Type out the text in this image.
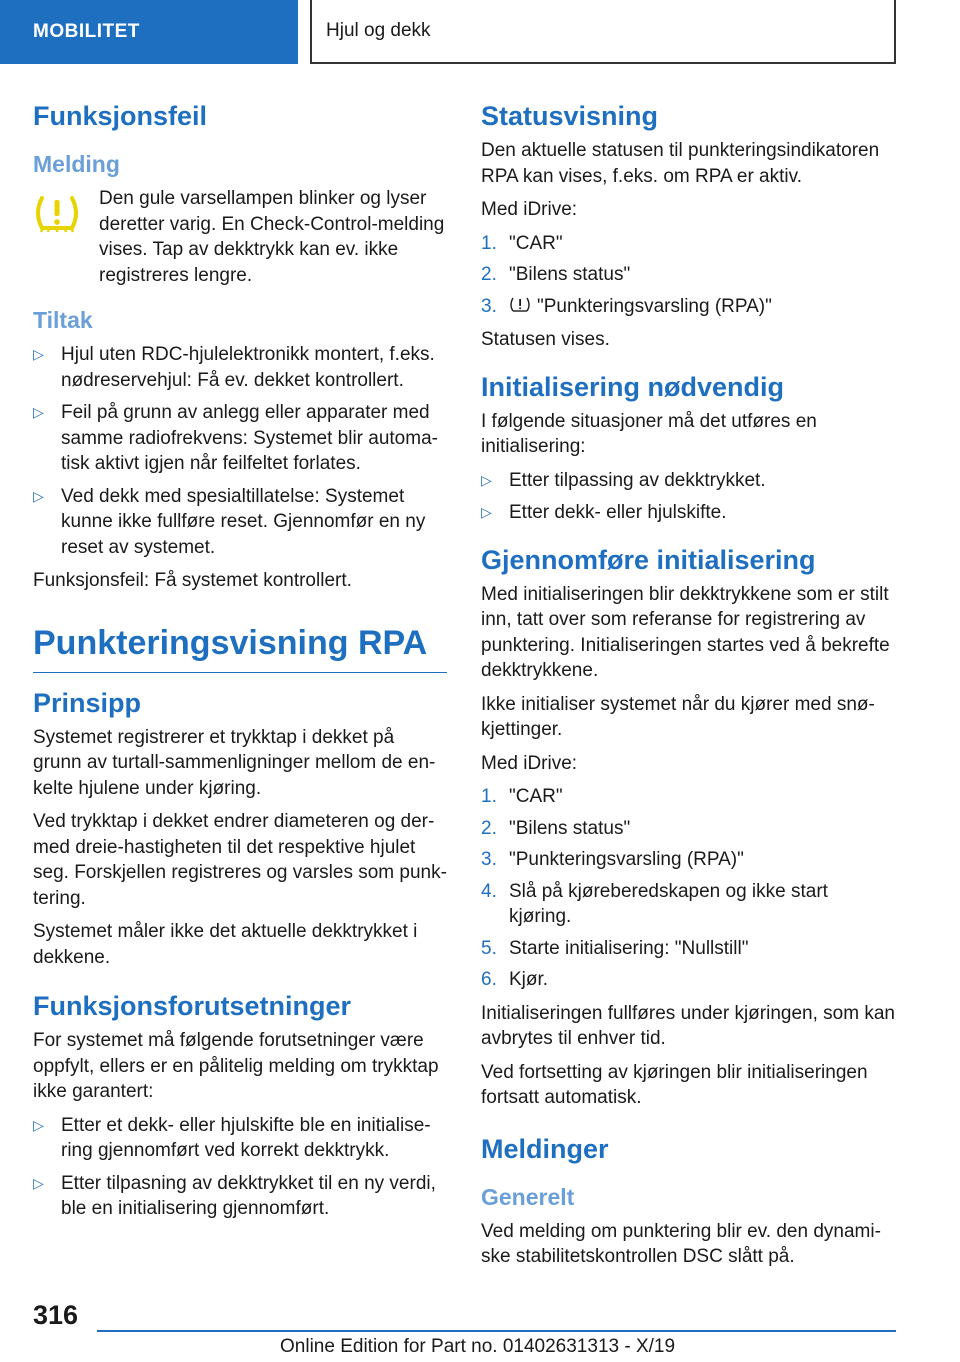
MOBILITET	Hjul og dekk
Funksjonsfeil
Melding

Den gule varsellampen blinker og lyser deretter varig. En Check-Control-melding vises. Tap av dekktrykk kan ev. ikke registreres lengre.

Tiltak
▷ Hjul uten RDC-hjulelektronikk montert, f.eks. nødreservehjul: Få ev. dekket kontrollert.
▷ Feil på grunn av anlegg eller apparater med samme radiofrekvens: Systemet blir automatisk aktivt igjen når feilfeltet forlates.
▷ Ved dekk med spesialtillatelse: Systemet kunne ikke fullføre reset. Gjennomfør en ny reset av systemet.

Funksjonsfeil: Få systemet kontrollert.

Punkteringsvisning RPA
Prinsipp

Systemet registrerer et trykktap i dekket på grunn av turtall-sammenligninger mellom de enkelte hjulene under kjøring.

Ved trykktap i dekket endrer diameteren og dermed dreie-hastigheten til det respektive hjulet seg. Forskjellen registreres og varsles som punktering.

Systemet måler ikke det aktuelle dekktrykket i dekkene.

Funksjonsforutsetninger

For systemet må følgende forutsetninger være oppfylt, ellers er en pålitelig melding om trykktap ikke garantert:

▷ Etter et dekk- eller hjulskifte ble en initialisering gjennomført ved korrekt dekktrykk.
▷ Etter tilpasning av dekktrykket til en ny verdi, ble en initialisering gjennomført.
Statusvisning

Den aktuelle statusen til punkteringsindikatoren RPA kan vises, f.eks. om RPA er aktiv.

Med iDrive:

1. "CAR"
2. "Bilens status"
3. "Punkteringsvarsling (RPA)"

Statusen vises.

Initialisering nødvendig

I følgende situasjoner må det utføres en initialisering:

▷ Etter tilpassing av dekktrykket.
▷ Etter dekk- eller hjulskifte.
Gjennomføre initialisering

Med initialiseringen blir dekktrykkene som er stilt inn, tatt over som referanse for registrering av punktering. Initialiseringen startes ved å bekrefte dekktrykkene.

Ikke initialiser systemet når du kjører med snøkjettinger.

Med iDrive:

1. "CAR"
2. "Bilens status"
3. "Punkteringsvarsling (RPA)"
4. Slå på kjøreberedskapen og ikke start kjøring.
5. Starte initialisering: "Nullstill"
6. Kjør.

Initialiseringen fullføres under kjøringen, som kan avbrytes til enhver tid.

Ved fortsetting av kjøringen blir initialiseringen fortsatt automatisk.

Meldinger
Generelt

Ved melding om punktering blir ev. den dynamiske stabilitetskontrollen DSC slått på.

316
Online Edition for Part no. 01402631313 - X/19
